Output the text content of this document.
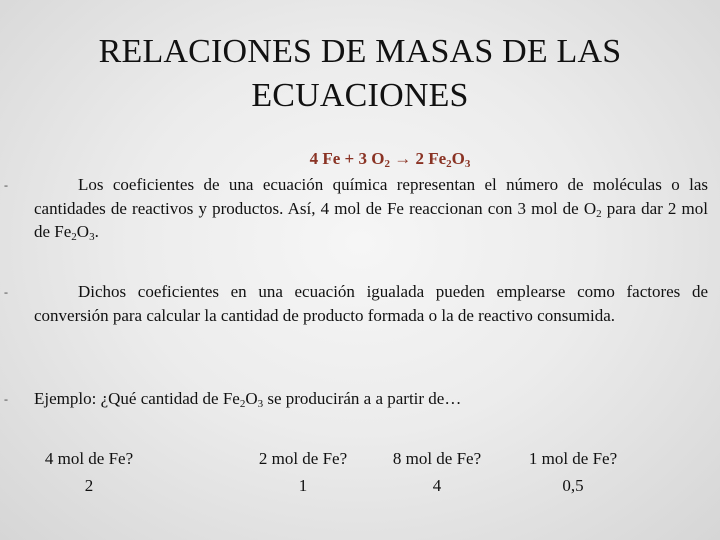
RELACIONES DE MASAS DE LAS
ECUACIONES
4 Fe + 3 $O_2 \to 2$ $Fe_2O_3$
-	Los coeficientes de una ecuación química representan el número de moléculas o las cantidades de reactivos y productos. Así, 4 mol de Fe reaccionan con 3 mol de $O_2$ para dar 2 mol de $Fe_2O_3$.
-	Dichos coeficientes en una ecuación igualada pueden emplearse como factores de conversión para calcular la cantidad de producto formada o la de reactivo consumida.
- Ejemplo: ¿Qué cantidad de $Fe_2O_3$ se producirán a a partir de…
4 mol de Fe?
2
2 mol de Fe?
1
8 mol de Fe?
4
1 mol de Fe?
0,5
